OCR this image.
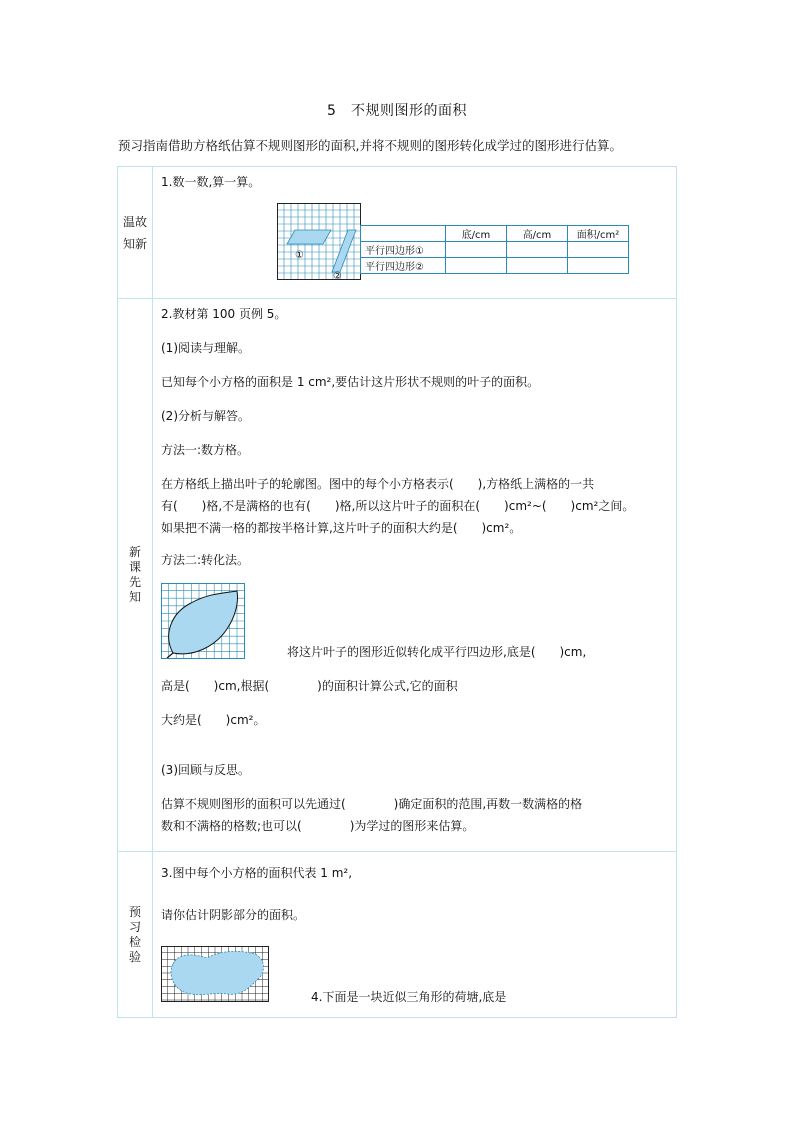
5　不规则图形的面积
预习指南借助方格纸估算不规则图形的面积,并将不规则的图形转化成学过的图形进行估算。
温故
知新

1.数一数,算一算。
①
②
	底/cm	高/cm	面积/cm²
平行四边形①			
平行四边形②			

新
课
先
知

2.教材第 100 页例 5。
(1)阅读与理解。
已知每个小方格的面积是 1 cm²,要估计这片形状不规则的叶子的面积。
(2)分析与解答。
方法一:数方格。
在方格纸上描出叶子的轮廓图。图中的每个小方格表示(　　),方格纸上满格的一共
有(　　)格,不是满格的也有(　　)格,所以这片叶子的面积在(　　)cm²~(　　)cm²之间。
如果把不满一格的都按半格计算,这片叶子的面积大约是(　　)cm²。
方法二:转化法。
将这片叶子的图形近似转化成平行四边形,底是(　　)cm,
高是(　　)cm,根据(　　　　)的面积计算公式,它的面积
大约是(　　)cm²。
(3)回顾与反思。
估算不规则图形的面积可以先通过(　　　　)确定面积的范围,再数一数满格的格
数和不满格的格数;也可以(　　　　)为学过的图形来估算。

预
习
检
验

3.图中每个小方格的面积代表 1 m²,
请你估计阴影部分的面积。
4.下面是一块近似三角形的荷塘,底是
